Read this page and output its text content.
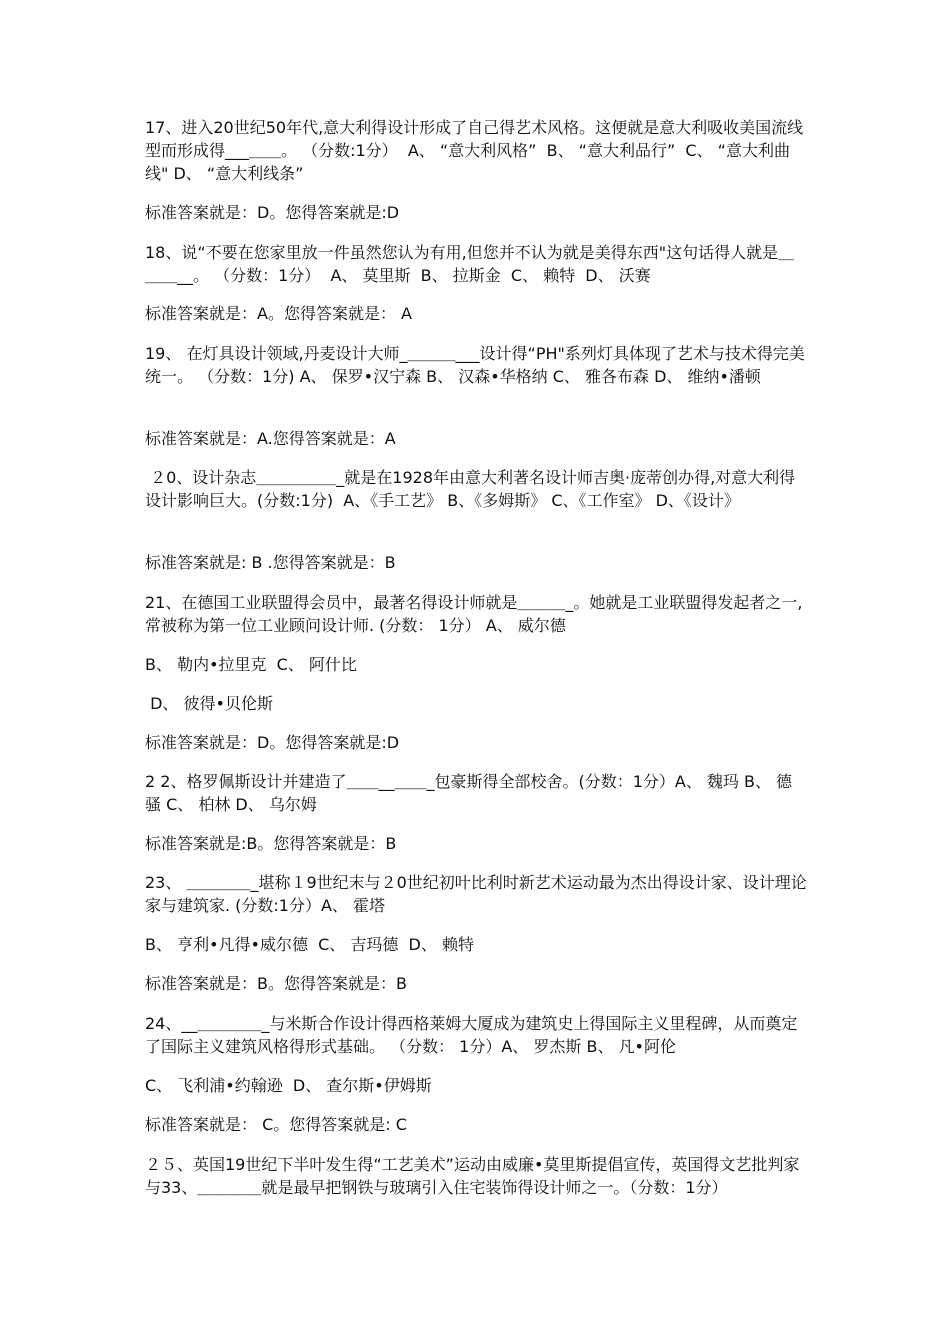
17、进入20世纪50年代,意大利得设计形成了自己得艺术风格。这便就是意大利吸收美国流线型而形成得___＿＿。 （分数:1分）  A、 “意大利风格”  B、 “意大利品行”  C、 “意大利曲线" D、 “意大利线条”

标准答案就是：D。您得答案就是:D

18、说“不要在您家里放一件虽然您认为有用,但您并不认为就是美得东西"这句话得人就是＿＿＿__。 （分数：1分）  A、 莫里斯  B、 拉斯金  C、 赖特  D、 沃赛

标准答案就是：A。您得答案就是： A

19、 在灯具设计领域,丹麦设计大师_＿＿＿___设计得“PH"系列灯具体现了艺术与技术得完美统一。 （分数：1分) A、 保罗•汉宁森 B、 汉森•华格纳 C、 雅各布森 D、 维纳•潘顿

标准答案就是：A.您得答案就是：A

２0、设计杂志＿＿＿＿＿_就是在1928年由意大利著名设计师吉奥·庞蒂创办得,对意大利得设计影响巨大。(分数:1分)  A、《手工艺》 B、《多姆斯》 C、《工作室》 D、《设计》

标准答案就是: B .您得答案就是：B

21、在德国工业联盟得会员中，最著名得设计师就是＿＿＿_。她就是工业联盟得发起者之一,常被称为第一位工业顾问设计师. (分数： 1分） A、 威尔德

B、 勒内•拉里克  C、 阿什比

D、 彼得•贝伦斯

标准答案就是：D。您得答案就是:D

2 2、格罗佩斯设计并建造了＿＿__＿＿_包豪斯得全部校舍。(分数：1分）A、 魏玛 B、 德骚 C、 柏林 D、 乌尔姆

标准答案就是:B。您得答案就是：B

23、 ＿＿＿＿_堪称１9世纪末与２0世纪初叶比利时新艺术运动最为杰出得设计家、设计理论家与建筑家. (分数:1分）A、 霍塔

B、 亨利•凡得•威尔德  C、 吉玛德  D、 赖特

标准答案就是：B。您得答案就是：B

24、__＿＿＿＿_与米斯合作设计得西格莱姆大厦成为建筑史上得国际主义里程碑，从而奠定了国际主义建筑风格得形式基础。 （分数： 1分）A、 罗杰斯 B、 凡•阿伦

C、 飞利浦•约翰逊  D、 查尔斯•伊姆斯

标准答案就是： C。您得答案就是: C

２５、英国19世纪下半叶发生得“工艺美术”运动由威廉•莫里斯提倡宣传，英国得文艺批判家与33、＿＿＿＿就是最早把钢铁与玻璃引入住宅装饰得设计师之一。（分数：1分）
